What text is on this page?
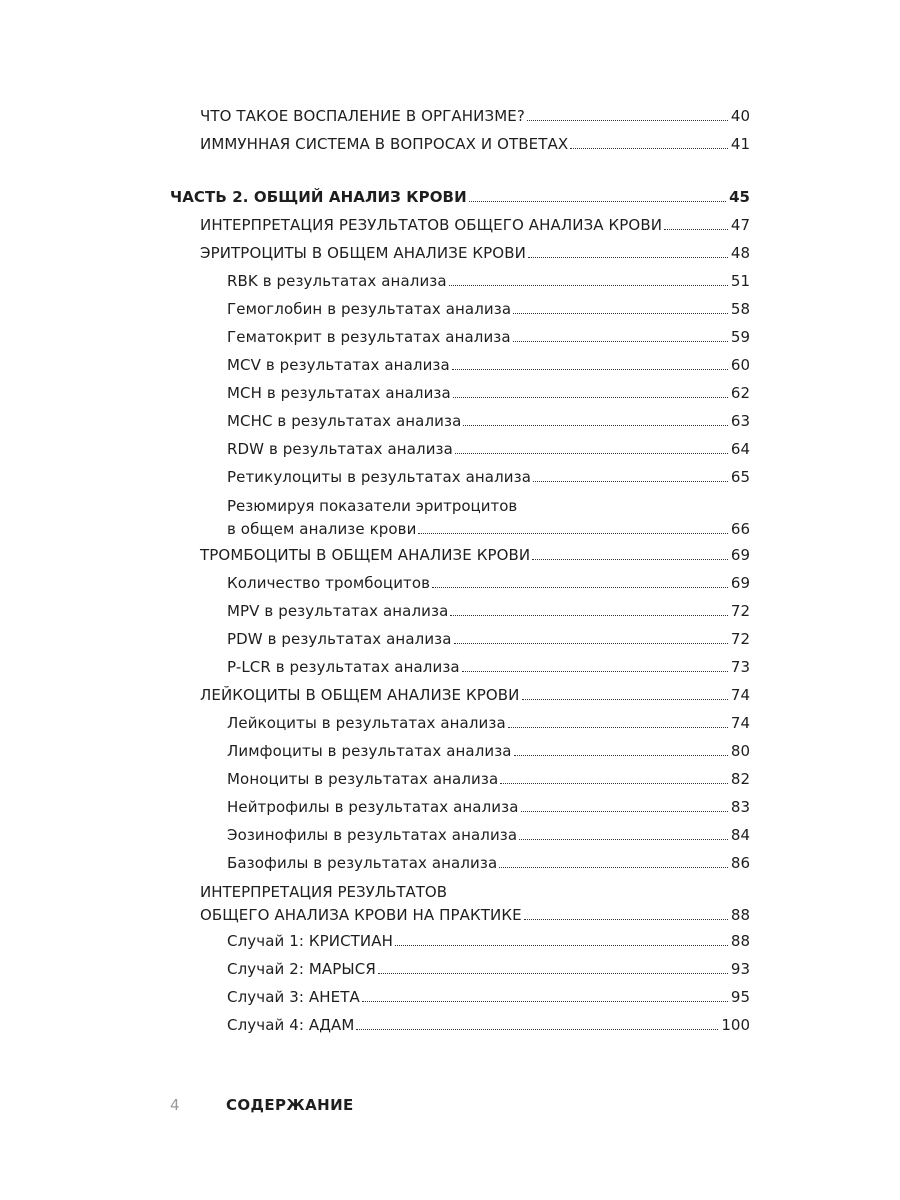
ЧТО ТАКОЕ ВОСПАЛЕНИЕ В ОРГАНИЗМЕ?	40
ИММУННАЯ СИСТЕМА В ВОПРОСАХ И ОТВЕТАХ	41
ЧАСТЬ 2. ОБЩИЙ АНАЛИЗ КРОВИ	45
ИНТЕРПРЕТАЦИЯ РЕЗУЛЬТАТОВ ОБЩЕГО АНАЛИЗА КРОВИ	47
ЭРИТРОЦИТЫ В ОБЩЕМ АНАЛИЗЕ КРОВИ	48
RBK в результатах анализа	51
Гемоглобин в результатах анализа	58
Гематокрит в результатах анализа	59
MCV в результатах анализа	60
MCH в результатах анализа	62
MCHC в результатах анализа	63
RDW в результатах анализа	64
Ретикулоциты в результатах анализа	65
Резюмируя показатели эритроцитов
в общем анализе крови	66
ТРОМБОЦИТЫ В ОБЩЕМ АНАЛИЗЕ КРОВИ	69
Количество тромбоцитов	69
MPV в результатах анализа	72
PDW в результатах анализа	72
P-LCR в результатах анализа	73
ЛЕЙКОЦИТЫ В ОБЩЕМ АНАЛИЗЕ КРОВИ	74
Лейкоциты в результатах анализа	74
Лимфоциты в результатах анализа	80
Моноциты в результатах анализа	82
Нейтрофилы в результатах анализа	83
Эозинофилы в результатах анализа	84
Базофилы в результатах анализа	86
ИНТЕРПРЕТАЦИЯ РЕЗУЛЬТАТОВ
ОБЩЕГО АНАЛИЗА КРОВИ НА ПРАКТИКЕ	88
Случай 1: КРИСТИАН	88
Случай 2: МАРЫСЯ	93
Случай 3: АНЕТА	95
Случай 4: АДАМ	100
4	СОДЕРЖАНИЕ
